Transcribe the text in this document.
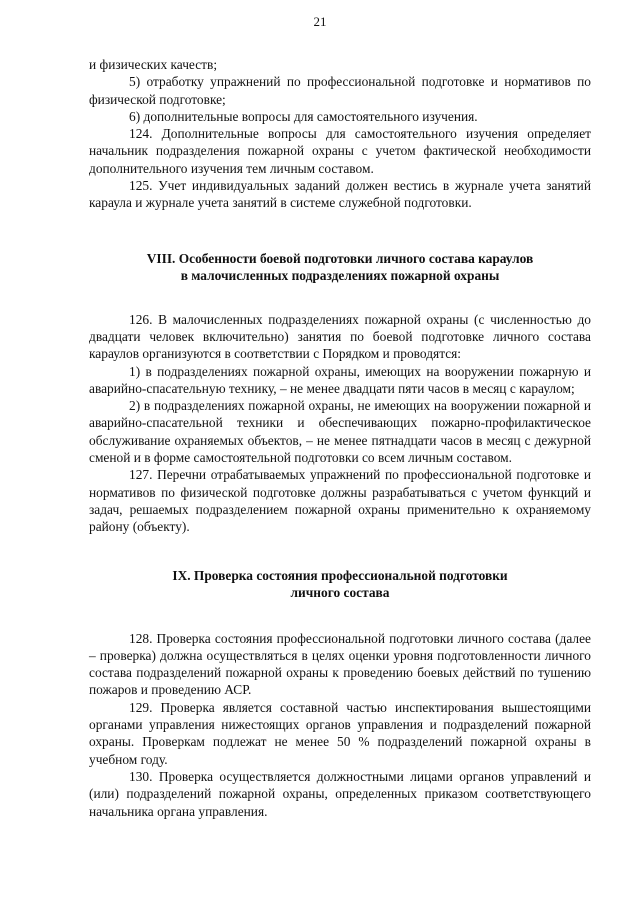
21

и физических качеств;

5) отработку упражнений по профессиональной подготовке и нормативов по физической подготовке;

6) дополнительные вопросы для самостоятельного изучения.

124. Дополнительные вопросы для самостоятельного изучения определяет начальник подразделения пожарной охраны с учетом фактической необходимости дополнительного изучения тем личным составом.

125. Учет индивидуальных заданий должен вестись в журнале учета занятий караула и журнале учета занятий в системе служебной подготовки.

VIII. Особенности боевой подготовки личного состава караулов

в малочисленных подразделениях пожарной охраны

126. В малочисленных подразделениях пожарной охраны (с численностью до двадцати человек включительно) занятия по боевой подготовке личного состава караулов организуются в соответствии с Порядком и проводятся:

1) в подразделениях пожарной охраны, имеющих на вооружении пожарную и аварийно-спасательную технику, – не менее двадцати пяти часов в месяц с караулом;

2) в подразделениях пожарной охраны, не имеющих на вооружении пожарной и аварийно-спасательной техники и обеспечивающих пожарно-профилактическое обслуживание охраняемых объектов, – не менее пятнадцати часов в месяц с дежурной сменой и в форме самостоятельной подготовки со всем личным составом.

127. Перечни отрабатываемых упражнений по профессиональной подготовке и нормативов по физической подготовке должны разрабатываться с учетом функций и задач, решаемых подразделением пожарной охраны применительно к охраняемому району (объекту).

IX. Проверка состояния профессиональной подготовки

личного состава

128. Проверка состояния профессиональной подготовки личного состава (далее – проверка) должна осуществляться в целях оценки уровня подготовленности личного состава подразделений пожарной охраны к проведению боевых действий по тушению пожаров и проведению АСР.

129. Проверка является составной частью инспектирования вышестоящими органами управления нижестоящих органов управления и подразделений пожарной охраны. Проверкам подлежат не менее 50 % подразделений пожарной охраны в учебном году.

130. Проверка осуществляется должностными лицами органов управлений и (или) подразделений пожарной охраны, определенных приказом соответствующего начальника органа управления.
